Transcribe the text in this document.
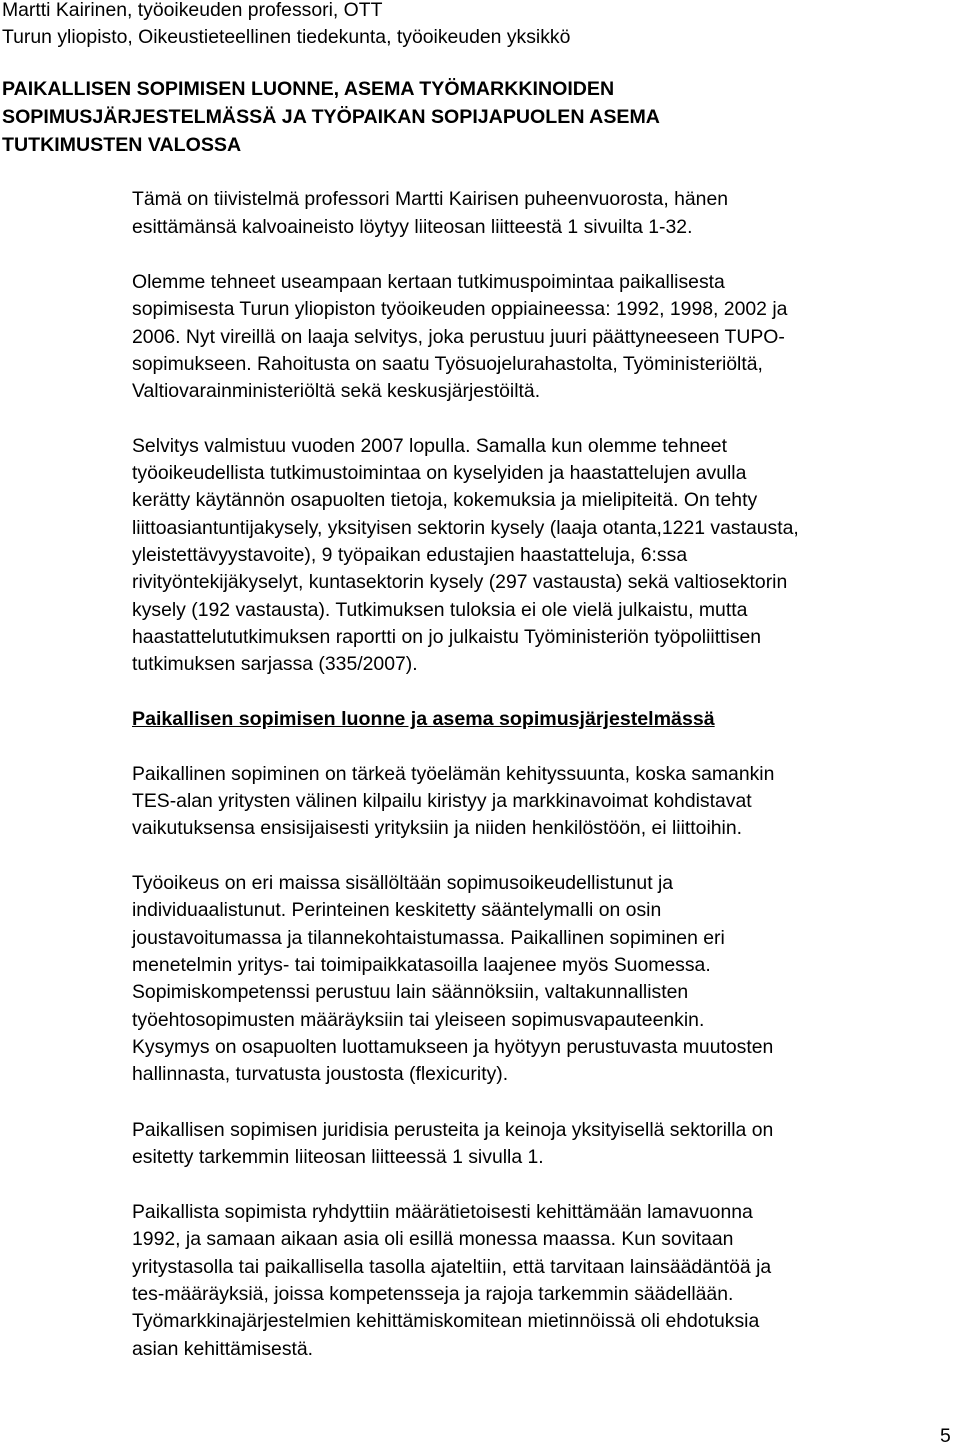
Martti Kairinen, työoikeuden professori, OTT
Turun yliopisto, Oikeustieteellinen tiedekunta, työoikeuden yksikkö
PAIKALLISEN SOPIMISEN LUONNE, ASEMA TYÖMARKKINOIDEN
SOPIMUSJÄRJESTELMÄSSÄ JA TYÖPAIKAN SOPIJAPUOLEN ASEMA
TUTKIMUSTEN VALOSSA
Tämä on tiivistelmä professori Martti Kairisen puheenvuorosta, hänen
esittämänsä kalvoaineisto löytyy liiteosan liitteestä 1 sivuilta 1-32.
Olemme tehneet useampaan kertaan tutkimuspoimintaa paikallisesta
sopimisesta Turun yliopiston työoikeuden oppiaineessa: 1992, 1998, 2002 ja
2006. Nyt vireillä on laaja selvitys, joka perustuu juuri päättyneeseen TUPO-
sopimukseen. Rahoitusta on saatu Työsuojelurahastolta, Työministeriöltä,
Valtiovarainministeriöltä sekä keskusjärjestöiltä.
Selvitys valmistuu vuoden 2007 lopulla. Samalla kun olemme tehneet
työoikeudellista tutkimustoimintaa on kyselyiden ja haastattelujen avulla
kerätty käytännön osapuolten tietoja, kokemuksia ja mielipiteitä. On tehty
liittoasiantuntijakysely, yksityisen sektorin kysely (laaja otanta,1221 vastausta,
yleistettävyystavoite), 9 työpaikan edustajien haastatteluja, 6:ssa
rivityöntekijäkyselyt, kuntasektorin kysely (297 vastausta) sekä valtiosektorin
kysely (192 vastausta). Tutkimuksen tuloksia ei ole vielä julkaistu, mutta
haastattelututkimuksen raportti on jo julkaistu Työministeriön työpoliittisen
tutkimuksen sarjassa (335/2007).
Paikallisen sopimisen luonne ja asema sopimusjärjestelmässä
Paikallinen sopiminen on tärkeä työelämän kehityssuunta, koska samankin
TES-alan yritysten välinen kilpailu kiristyy ja markkinavoimat kohdistavat
vaikutuksensa ensisijaisesti yrityksiin ja niiden henkilöstöön, ei liittoihin.
Työoikeus on eri maissa sisällöltään sopimusoikeudellistunut ja
individuaalistunut. Perinteinen keskitetty sääntelymalli on osin
joustavoitumassa ja tilannekohtaistumassa. Paikallinen sopiminen eri
menetelmin yritys- tai toimipaikkatasoilla laajenee myös Suomessa.
Sopimiskompetenssi perustuu lain säännöksiin, valtakunnallisten
työehtosopimusten määräyksiin tai yleiseen sopimusvapauteenkin.
Kysymys on osapuolten luottamukseen ja hyötyyn perustuvasta muutosten
hallinnasta, turvatusta joustosta (flexicurity).
Paikallisen sopimisen juridisia perusteita ja keinoja yksityisellä sektorilla on
esitetty tarkemmin liiteosan liitteessä 1 sivulla 1.
Paikallista sopimista ryhdyttiin määrätietoisesti kehittämään lamavuonna
1992, ja samaan aikaan asia oli esillä monessa maassa. Kun sovitaan
yritystasolla tai paikallisella tasolla ajateltiin, että tarvitaan lainsäädäntöä ja
tes-määräyksiä, joissa kompetensseja ja rajoja tarkemmin säädellään.
Työmarkkinajärjestelmien kehittämiskomitean mietinnöissä oli ehdotuksia
asian kehittämisestä.
5
